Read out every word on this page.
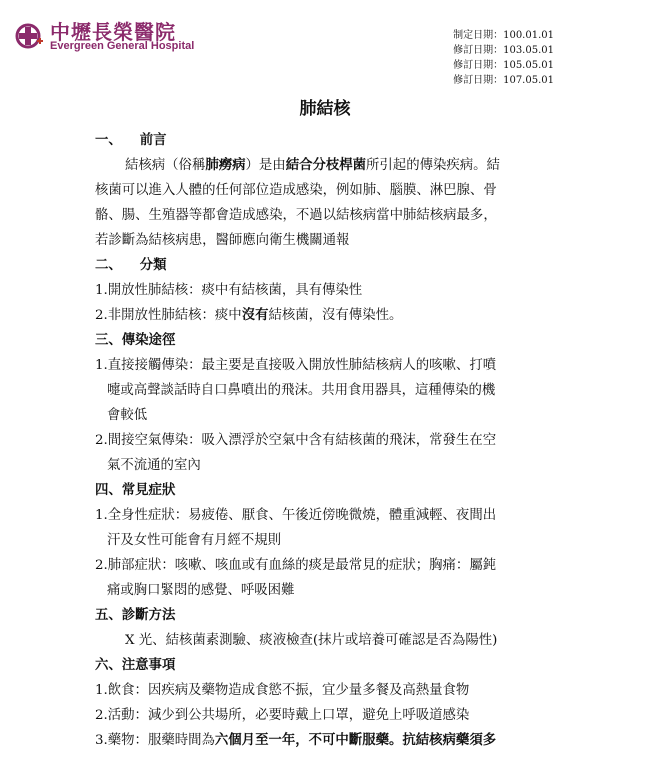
中壢長榮醫院
Evergreen General Hospital
制定日期：100.01.01
修訂日期：103.05.01
修訂日期：105.05.01
修訂日期：107.05.01
肺結核
一、 前言
結核病（俗稱肺癆病）是由結合分枝桿菌所引起的傳染疾病。結
核菌可以進入人體的任何部位造成感染，例如肺、腦膜、淋巴腺、骨
骼、腸、生殖器等都會造成感染，不過以結核病當中肺結核病最多，
若診斷為結核病患，醫師應向衛生機關通報
二、 分類
1.開放性肺結核：痰中有結核菌，具有傳染性
2.非開放性肺結核：痰中沒有結核菌，沒有傳染性。
三、傳染途徑
1.直接接觸傳染：最主要是直接吸入開放性肺結核病人的咳嗽、打噴
嚏或高聲談話時自口鼻噴出的飛沫。共用食用器具，這種傳染的機
會較低
2.間接空氣傳染：吸入漂浮於空氣中含有結核菌的飛沫，常發生在空
氣不流通的室內
四、常見症狀
1.全身性症狀：易疲倦、厭食、午後近傍晚微燒，體重減輕、夜間出
汗及女性可能會有月經不規則
2.肺部症狀：咳嗽、咳血或有血絲的痰是最常見的症狀；胸痛：屬鈍
痛或胸口緊悶的感覺、呼吸困難
五、診斷方法
X 光、結核菌素測驗、痰液檢查(抹片或培養可確認是否為陽性)
六、注意事項
1.飲食：因疾病及藥物造成食慾不振，宜少量多餐及高熱量食物
2.活動：減少到公共場所，必要時戴上口罩，避免上呼吸道感染
3.藥物：服藥時間為六個月至一年，不可中斷服藥。抗結核病藥須多
